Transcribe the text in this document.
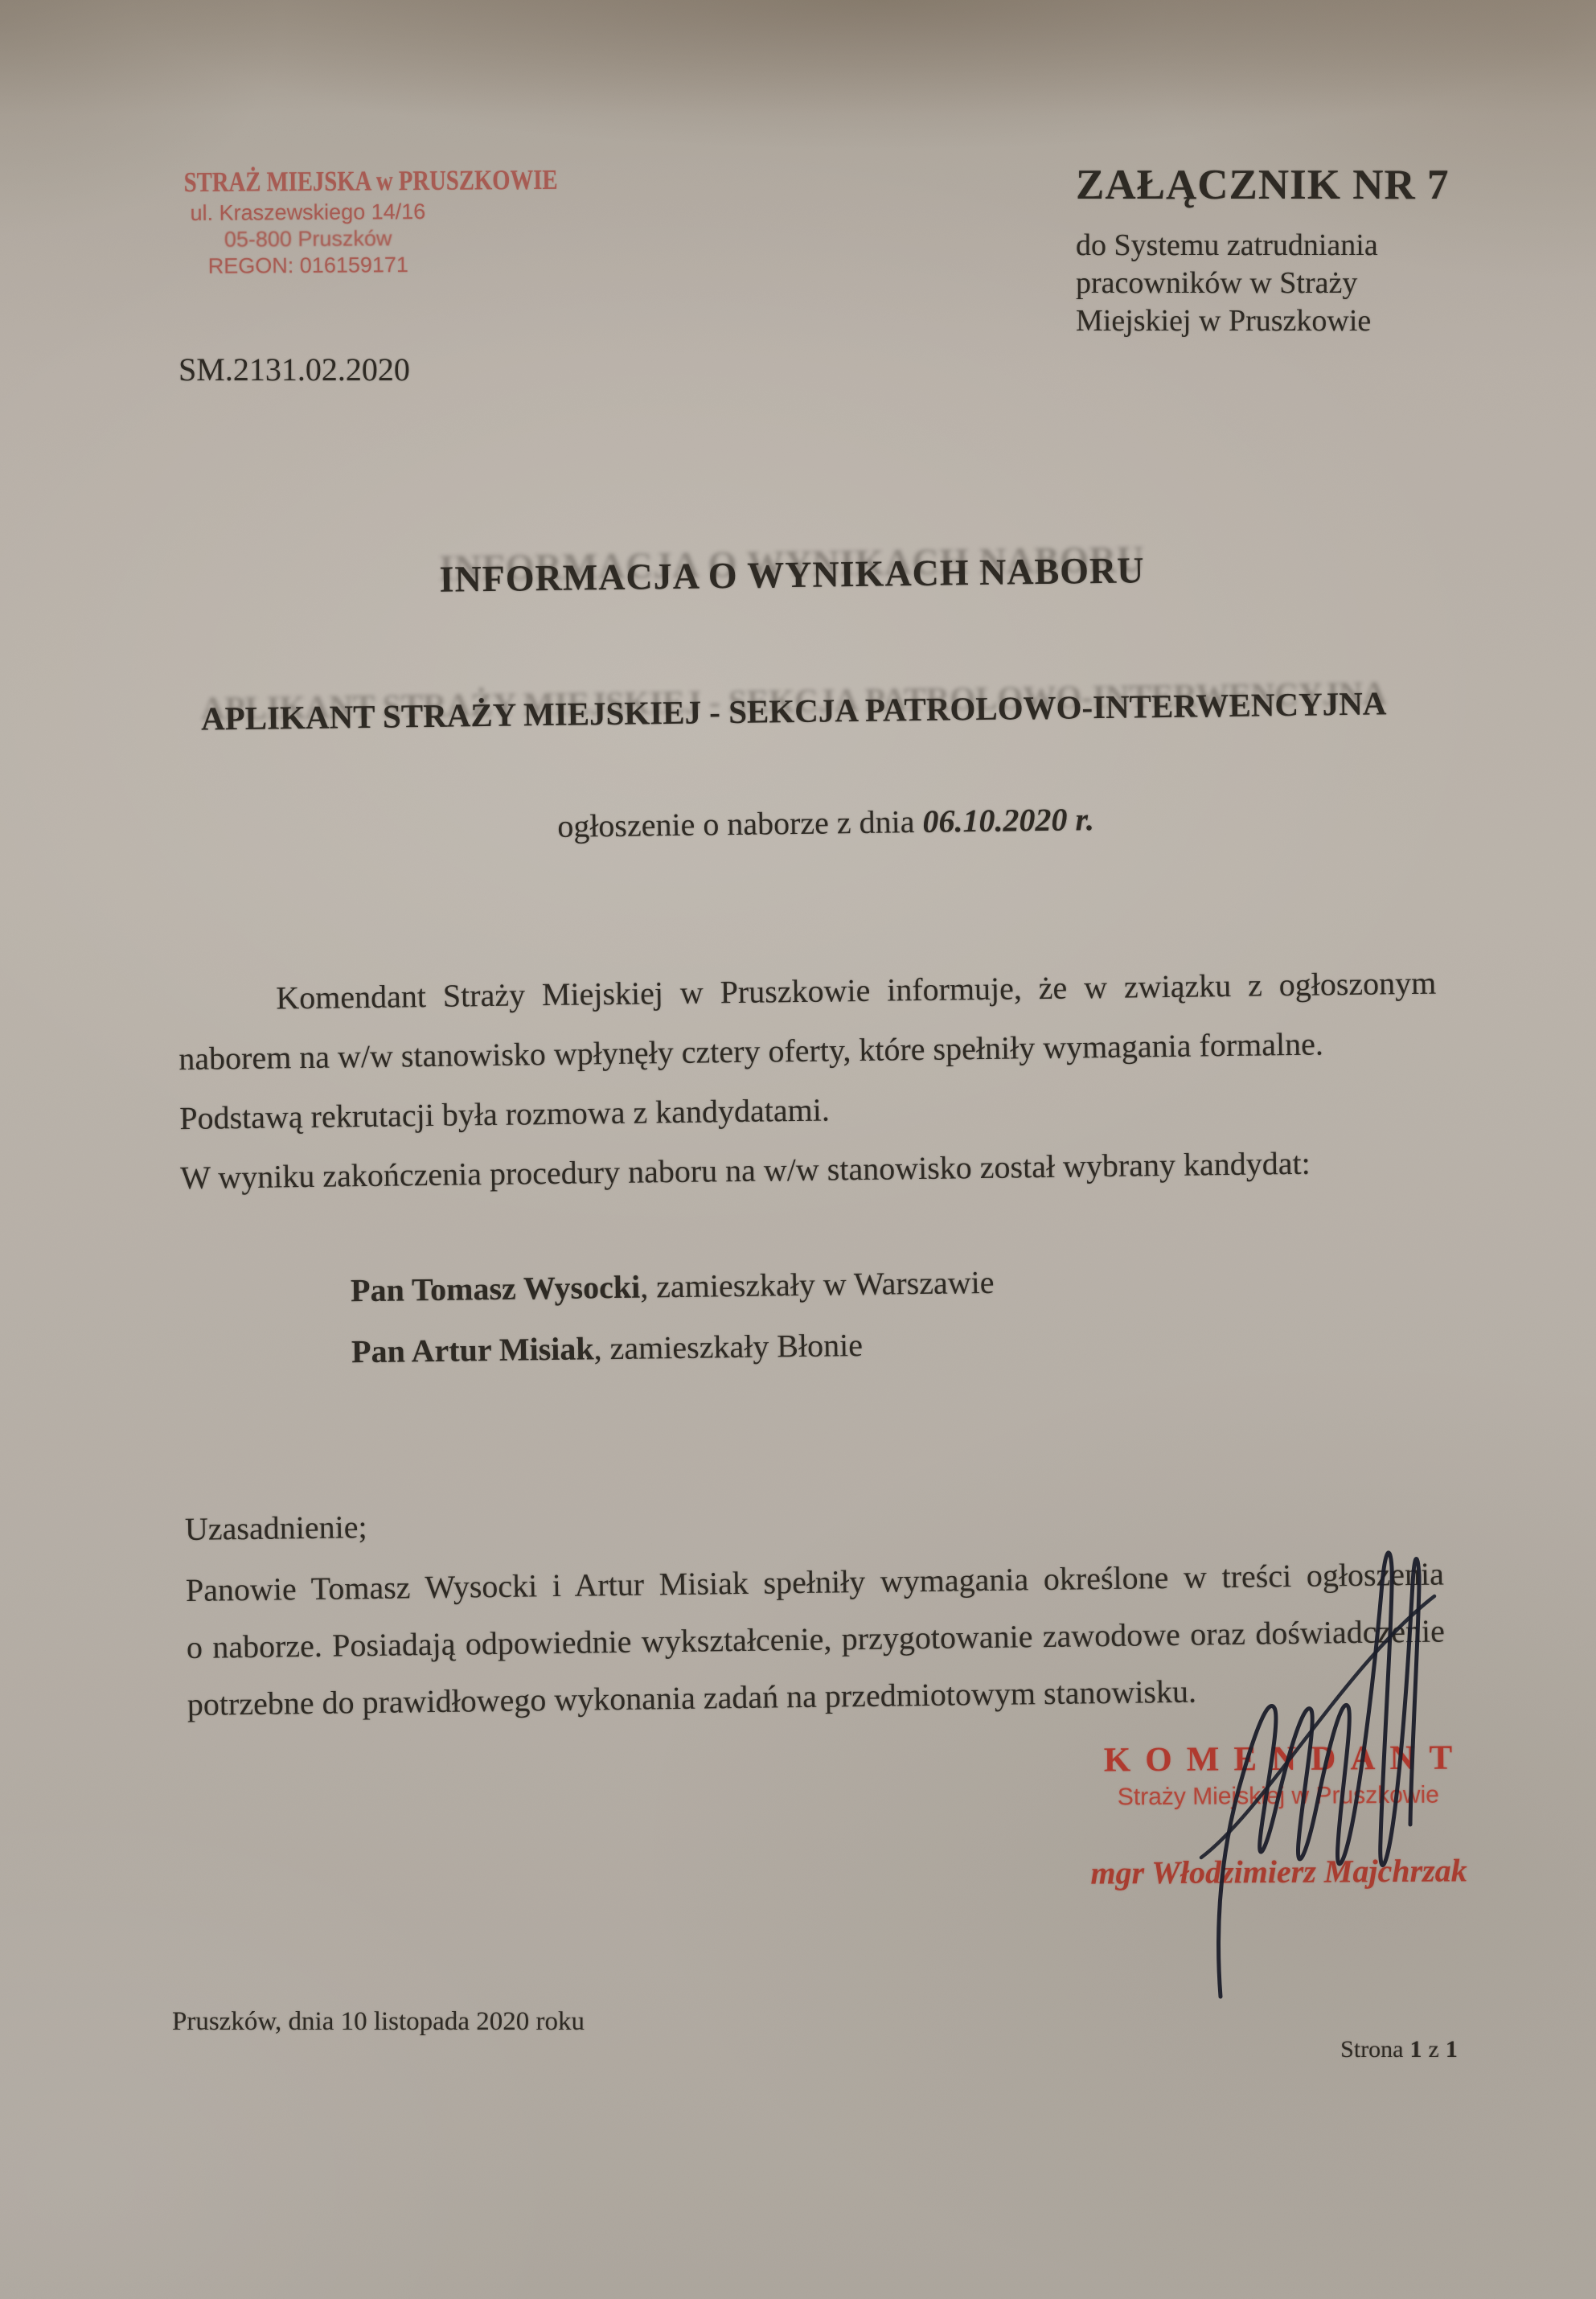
STRAŻ MIEJSKA w PRUSZKOWIE
ul. Kraszewskiego 14/16
05-800 Pruszków
REGON: 016159171
ZAŁĄCZNIK NR 7
do Systemu zatrudniania
pracowników w Straży
Miejskiej w Pruszkowie
SM.2131.02.2020
INFORMACJA O WYNIKACH NABORU
APLIKANT STRAŻY MIEJSKIEJ - SEKCJA PATROLOWO-INTERWENCYJNA
ogłoszenie o naborze z dnia 06.10.2020 r.
Komendant Straży Miejskiej w Pruszkowie informuje, że w związku z ogłoszonym
naborem na w/w stanowisko wpłynęły cztery oferty, które spełniły wymagania formalne.
Podstawą rekrutacji była rozmowa z kandydatami.
W wyniku zakończenia procedury naboru na w/w stanowisko został wybrany kandydat:
Pan Tomasz Wysocki, zamieszkały w Warszawie
Pan Artur Misiak, zamieszkały Błonie
Uzasadnienie;
Panowie Tomasz Wysocki i Artur Misiak spełniły wymagania określone w treści ogłoszenia
o naborze. Posiadają odpowiednie wykształcenie, przygotowanie zawodowe oraz doświadczenie
potrzebne do prawidłowego wykonania zadań na przedmiotowym stanowisku.
KOMENDANT
Straży Miejskiej w Pruszkowie
mgr Włodzimierz Majchrzak
Pruszków, dnia 10 listopada 2020 roku
Strona 1 z 1
